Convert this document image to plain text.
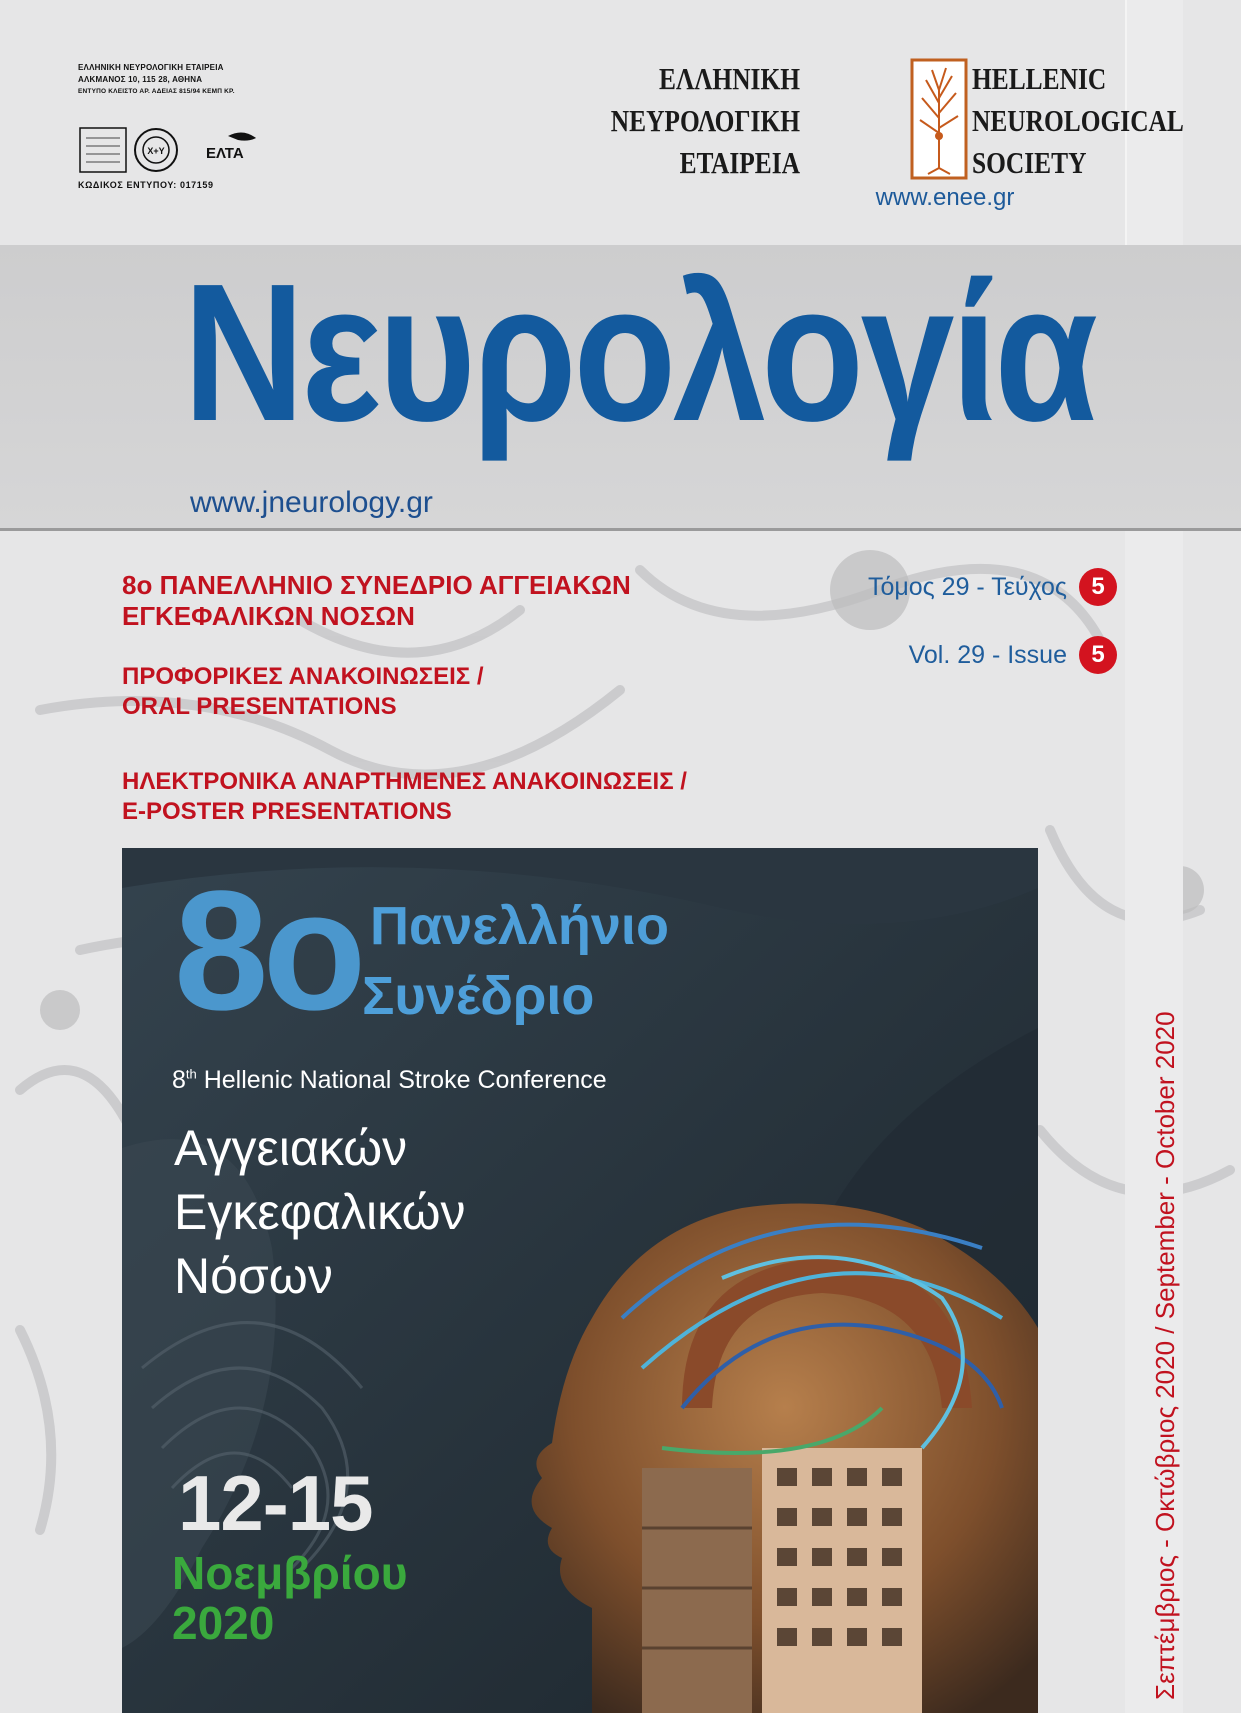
ΕΛΛΗΝΙΚΗ ΝΕΥΡΟΛΟΓΙΚΗ ΕΤΑΙΡΕΙΑ
ΑΛΚΜΑΝΟΣ 10, 115 28, ΑΘΗΝΑ
ΕΝΤΥΠΟ ΚΛΕΙΣΤΟ ΑΡ. ΑΔΕΙΑΣ 815/94 ΚΕΜΠ ΚΡ.
X+Y	ΕΛΤΑ
ΚΩΔΙΚΟΣ ΕΝΤΥΠΟΥ: 017159
ΕΛΛΗΝΙΚΗ
ΝΕΥΡΟΛΟΓΙΚΗ
ΕΤΑΙΡΕΙΑ
HELLENIC
NEUROLOGICAL
SOCIETY
www.enee.gr
Νευρολογία
www.jneurology.gr
8ο ΠΑΝΕΛΛΗΝΙΟ ΣΥΝΕΔΡΙΟ ΑΓΓΕΙΑΚΩΝ
ΕΓΚΕΦΑΛΙΚΩΝ ΝΟΣΩΝ
ΠΡΟΦΟΡΙΚΕΣ ΑΝΑΚΟΙΝΩΣΕΙΣ /
ORAL PRESENTATIONS
ΗΛΕΚΤΡΟΝΙΚΑ ΑΝΑΡΤΗΜΕΝΕΣ ΑΝΑΚΟΙΝΩΣΕΙΣ /
E-POSTER PRESENTATIONS
Τόμος 29 - Τεύχος	5
Vol. 29 - Issue	5
Σεπτέμβριος - Οκτώβριος 2020 / September - October 2020
8ο Πανελλήνιο
Συνέδριο
8th Hellenic National Stroke Conference
Αγγειακών
Εγκεφαλικών
Νόσων
12-15
Νοεμβρίου
2020
